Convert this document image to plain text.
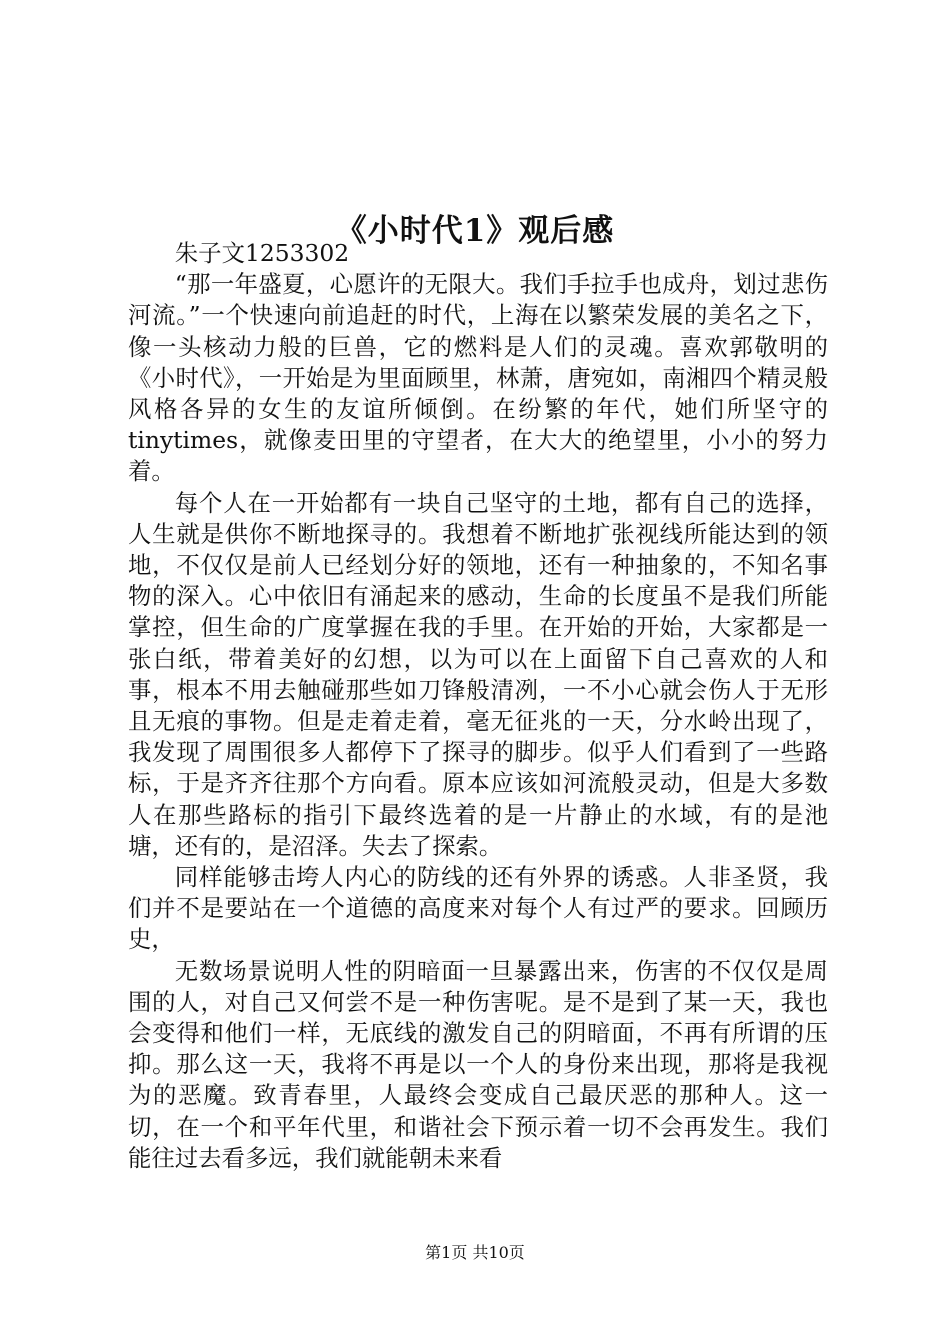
《小时代1》观后感

朱子文1253302

“那一年盛夏，心愿许的无限大。我们手拉手也成舟，划过悲伤河流。”一个快速向前追赶的时代，上海在以繁荣发展的美名之下，像一头核动力般的巨兽，它的燃料是人们的灵魂。喜欢郭敬明的《小时代》，一开始是为里面顾里，林萧，唐宛如，南湘四个精灵般风格各异的女生的友谊所倾倒。在纷繁的年代，她们所坚守的tinytimes，就像麦田里的守望者，在大大的绝望里，小小的努力着。

每个人在一开始都有一块自己坚守的土地，都有自己的选择，人生就是供你不断地探寻的。我想着不断地扩张视线所能达到的领地，不仅仅是前人已经划分好的领地，还有一种抽象的，不知名事物的深入。心中依旧有涌起来的感动，生命的长度虽不是我们所能掌控，但生命的广度掌握在我的手里。在开始的开始，大家都是一张白纸，带着美好的幻想，以为可以在上面留下自己喜欢的人和事，根本不用去触碰那些如刀锋般清冽，一不小心就会伤人于无形且无痕的事物。但是走着走着，毫无征兆的一天，分水岭出现了，我发现了周围很多人都停下了探寻的脚步。似乎人们看到了一些路标，于是齐齐往那个方向看。原本应该如河流般灵动，但是大多数人在那些路标的指引下最终选着的是一片静止的水域，有的是池塘，还有的，是沼泽。失去了探索。

同样能够击垮人内心的防线的还有外界的诱惑。人非圣贤，我们并不是要站在一个道德的高度来对每个人有过严的要求。回顾历史，

无数场景说明人性的阴暗面一旦暴露出来，伤害的不仅仅是周围的人，对自己又何尝不是一种伤害呢。是不是到了某一天，我也会变得和他们一样，无底线的激发自己的阴暗面，不再有所谓的压抑。那么这一天，我将不再是以一个人的身份来出现，那将是我视为的恶魔。致青春里，人最终会变成自己最厌恶的那种人。这一切，在一个和平年代里，和谐社会下预示着一切不会再发生。我们能往过去看多远，我们就能朝未来看

第1页 共10页
